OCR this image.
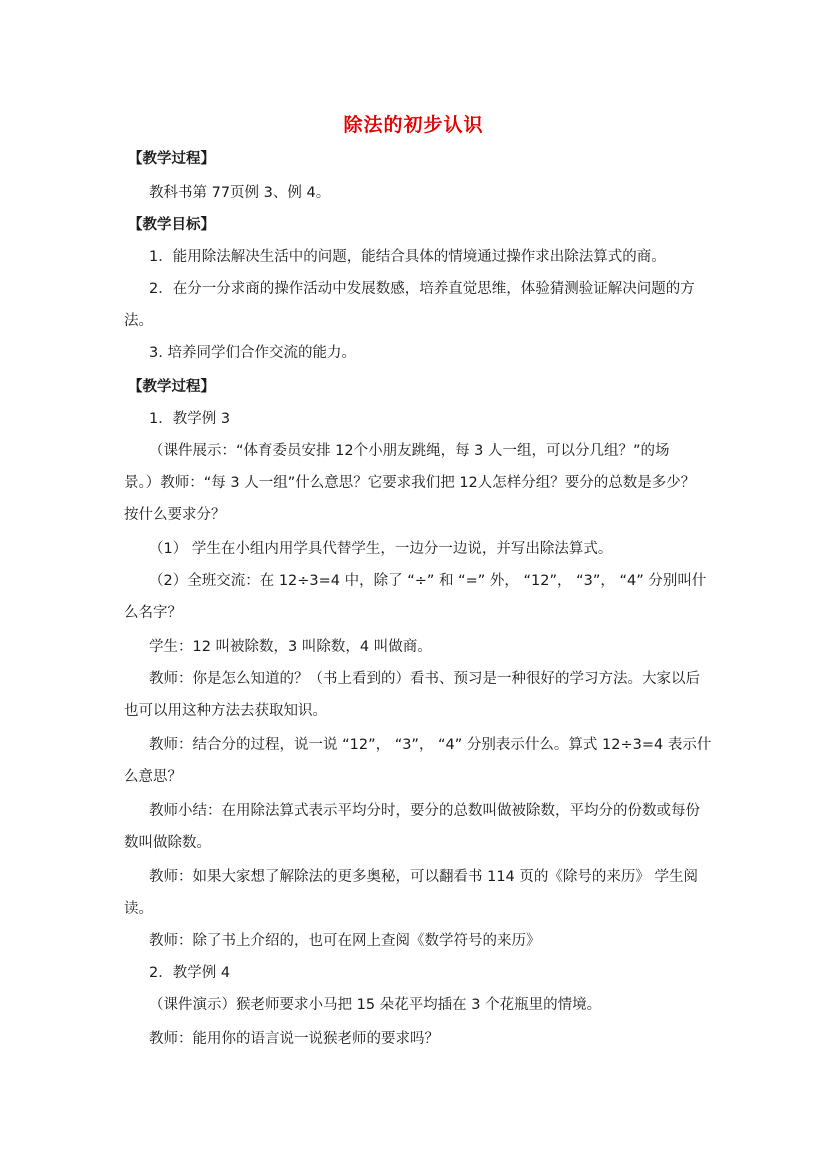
除法的初步认识

【教学过程】

教科书第 77页例 3、例 4。

【教学目标】

1．能用除法解决生活中的问题，能结合具体的情境通过操作求出除法算式的商。

2．在分一分求商的操作活动中发展数感，培养直觉思维，体验猜测验证解决问题的方

法。

3. 培养同学们合作交流的能力。

【教学过程】

1．教学例 3

（课件展示：“体育委员安排 12个小朋友跳绳，每 3 人一组，可以分几组？”的场

景。）教师：“每 3 人一组”什么意思？它要求我们把 12人怎样分组？要分的总数是多少？

按什么要求分？

（1） 学生在小组内用学具代替学生，一边分一边说，并写出除法算式。

（2）全班交流：在 12÷3=4 中，除了 “÷” 和 “=” 外， “12”， “3”， “4” 分别叫什

么名字？

学生：12 叫被除数，3 叫除数，4 叫做商。

教师：你是怎么知道的？（书上看到的）看书、预习是一种很好的学习方法。大家以后

也可以用这种方法去获取知识。

教师：结合分的过程，说一说 “12”， “3”， “4” 分别表示什么。算式 12÷3=4 表示什

么意思？

教师小结：在用除法算式表示平均分时，要分的总数叫做被除数，平均分的份数或每份

数叫做除数。

教师：如果大家想了解除法的更多奥秘，可以翻看书 114 页的《除号的来历》 学生阅

读。

教师：除了书上介绍的，也可在网上查阅《数学符号的来历》

2．教学例 4

（课件演示）猴老师要求小马把 15 朵花平均插在 3 个花瓶里的情境。

教师：能用你的语言说一说猴老师的要求吗？
